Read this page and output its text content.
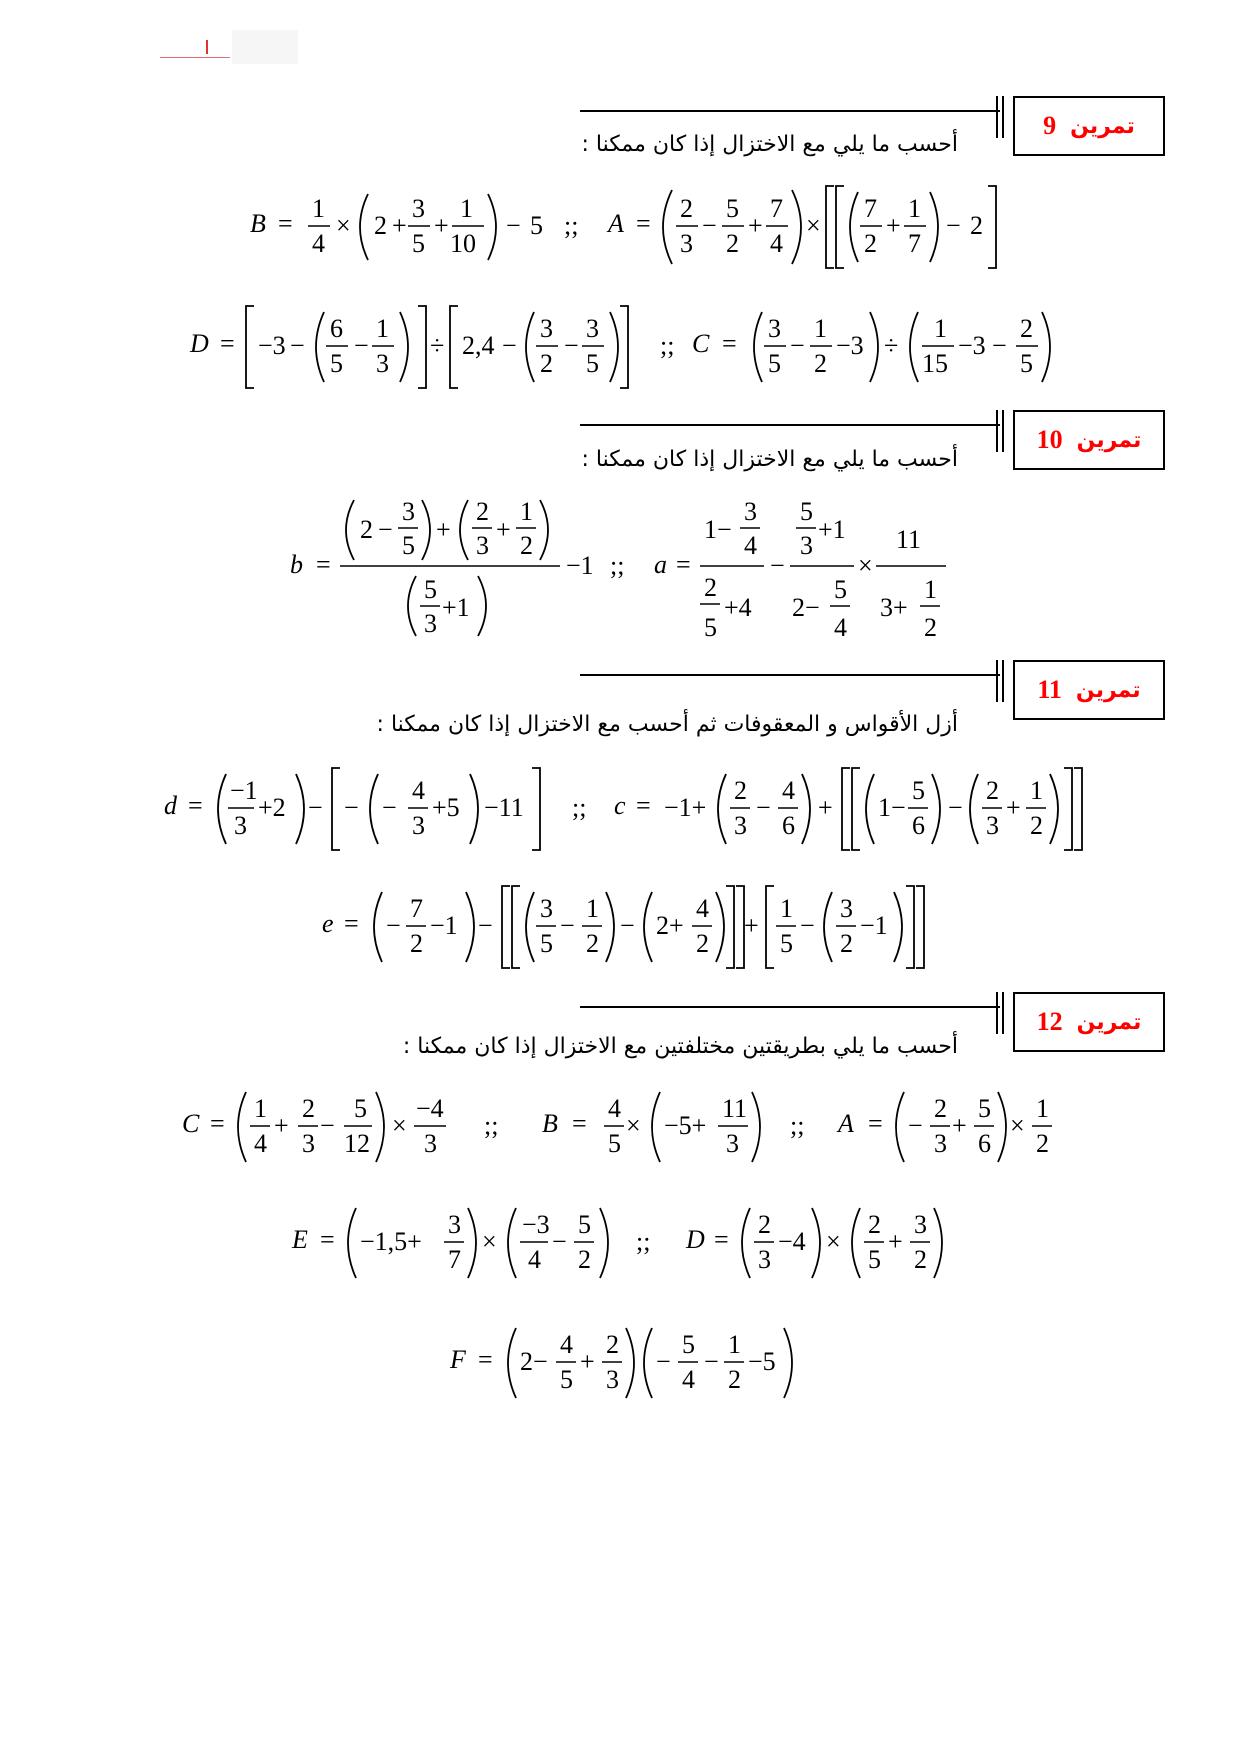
تمرين
9
أحسب ما يلي مع الاختزال إذا كان ممكنا :
B =
1
4
× 2 +
3
5
+
1
10
− 5 ;; A =
2
3
−
5
2
+
7
4
×
7
2
+
1
7
− 2
D = −3 −
6
5
−
1
3
÷ 2,4 −
3
2
−
3
5
;; C =
3
5
−
1
2
−3 ÷
1
15
−3 −
2
5
تمرين
10
أحسب ما يلي مع الاختزال إذا كان ممكنا :
b =
2 −
3
5
+
2
3
+
1
2
5
3
+1
−1 ;; a =
1−
3
4
2
5
+4
−
5
3
+1
2−
5
4
×
11
3+
1
2
تمرين
11
أزل الأقواس و المعقوفات ثم أحسب مع الاختزال إذا كان ممكنا :
d =
−1
3
+2 − − −
4
3
+5 −11 ;; c = −1+
2
3
−
4
6
+ 1−
5
6
−
2
3
+
1
2
e = −
7
2
−1 −
3
5
−
1
2
− 2+
4
2
+
1
5
−
3
2
−1
تمرين
12
أحسب ما يلي بطريقتين مختلفتين مع الاختزال إذا كان ممكنا :
C =
1
4
+
2
3
−
5
12
×
−4
3
;; B =
4
5
× −5+
11
3
;; A = −
2
3
+
5
6
×
1
2
E = −1,5+
3
7
×
−3
4
−
5
2
;; D =
2
3
−4 ×
2
5
+
3
2
F = 2−
4
5
+
2
3
−
5
4
−
1
2
−5
